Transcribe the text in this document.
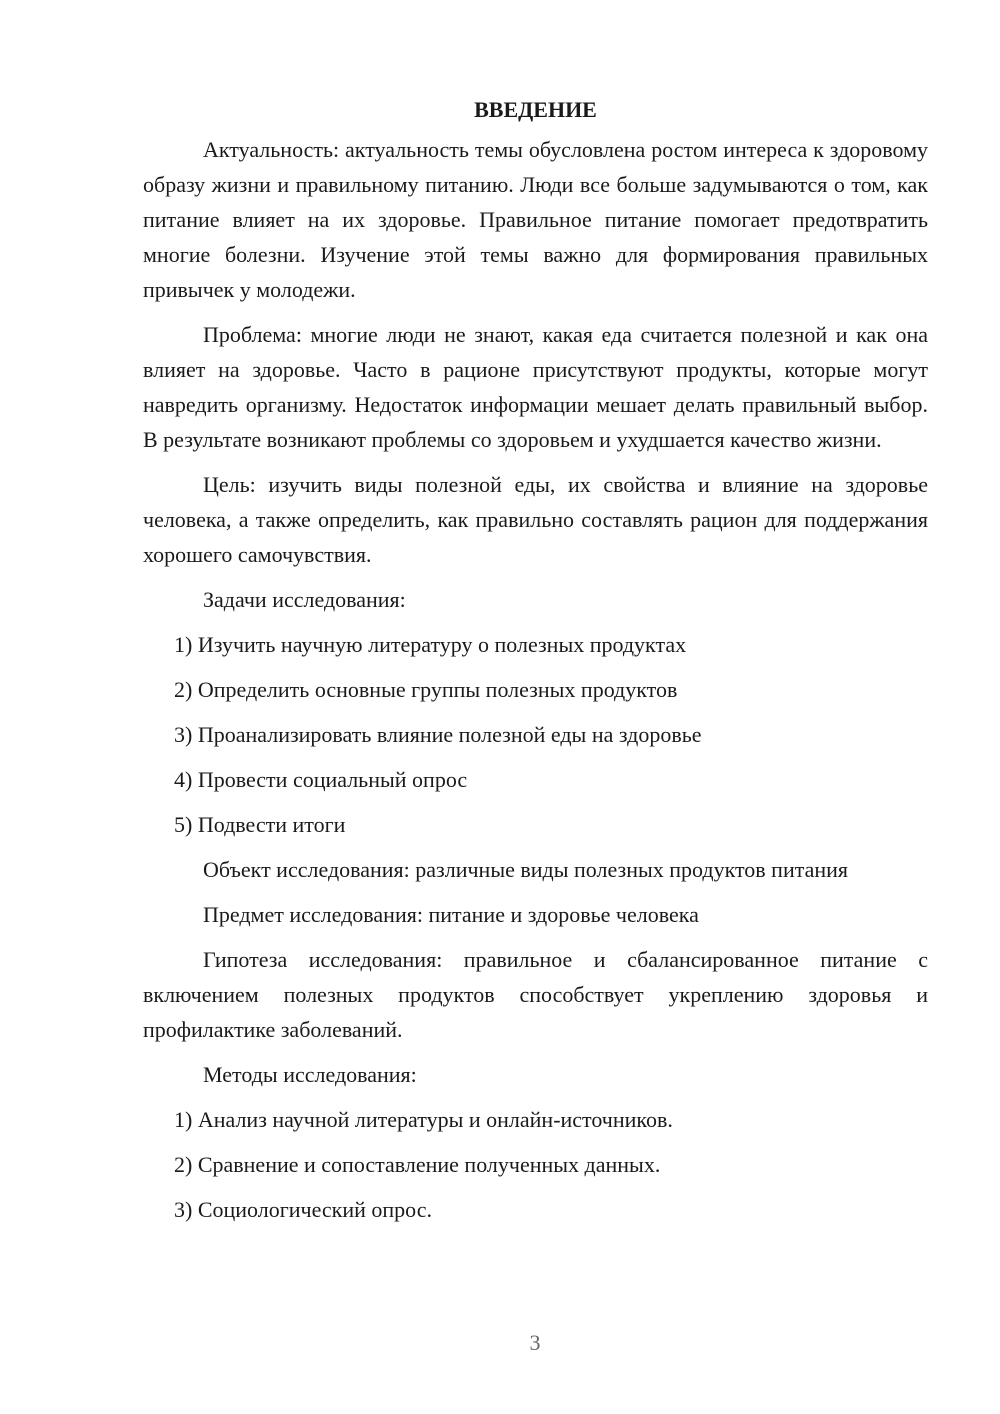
ВВЕДЕНИЕ

Актуальность: актуальность темы обусловлена ростом интереса к здоровому образу жизни и правильному питанию. Люди все больше задумываются о том, как питание влияет на их здоровье. Правильное питание помогает предотвратить многие болезни. Изучение этой темы важно для формирования правильных привычек у молодежи.

Проблема: многие люди не знают, какая еда считается полезной и как она влияет на здоровье. Часто в рационе присутствуют продукты, которые могут навредить организму. Недостаток информации мешает делать правильный выбор. В результате возникают проблемы со здоровьем и ухудшается качество жизни.

Цель: изучить виды полезной еды, их свойства и влияние на здоровье человека, а также определить, как правильно составлять рацион для поддержания хорошего самочувствия.

Задачи исследования:

1) Изучить научную литературу о полезных продуктах
2) Определить основные группы полезных продуктов
3) Проанализировать влияние полезной еды на здоровье
4) Провести социальный опрос
5) Подвести итоги

Объект исследования: различные виды полезных продуктов питания

Предмет исследования: питание и здоровье человека

Гипотеза исследования: правильное и сбалансированное питание с включением полезных продуктов способствует укреплению здоровья и профилактике заболеваний.

Методы исследования:

1) Анализ научной литературы и онлайн-источников.
2) Сравнение и сопоставление полученных данных.
3) Социологический опрос.
3
